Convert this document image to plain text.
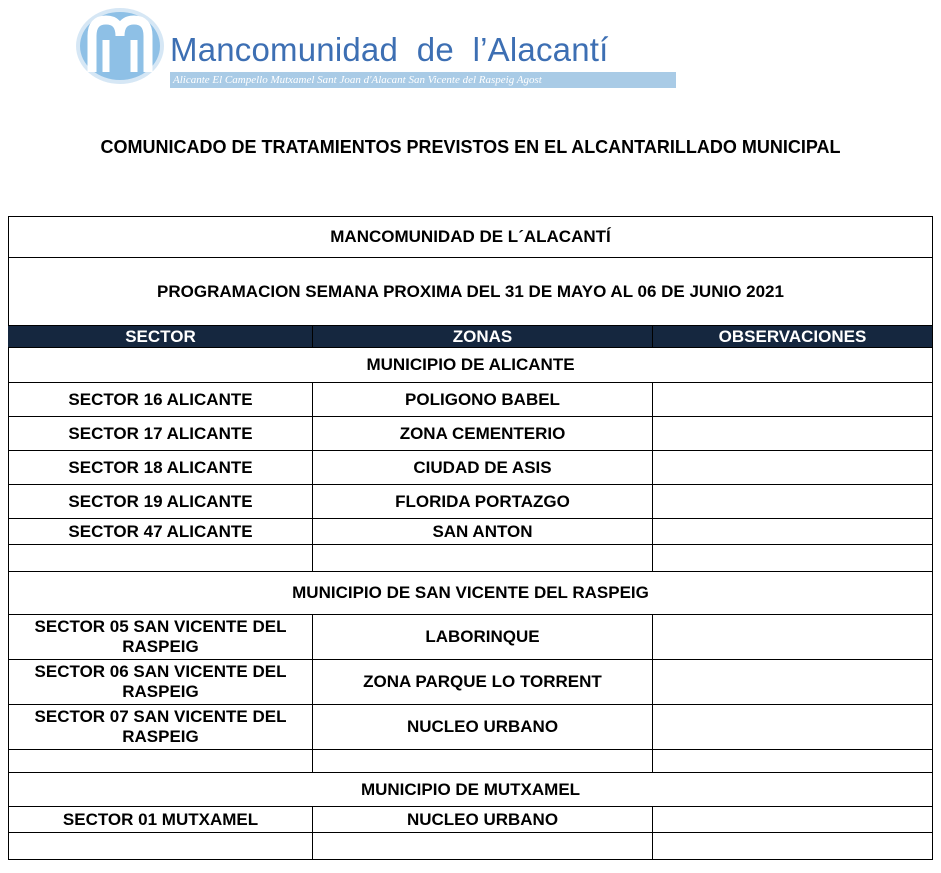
Mancomunidad  de  l’Alacantí
Alicante El Campello Mutxamel Sant Joan d'Alacant San Vicente del Raspeig Agost
COMUNICADO DE TRATAMIENTOS PREVISTOS EN EL ALCANTARILLADO MUNICIPAL
MANCOMUNIDAD DE L´ALACANTÍ		
PROGRAMACION SEMANA PROXIMA DEL 31 DE MAYO AL 06 DE JUNIO 2021		
SECTOR	ZONAS	OBSERVACIONES
MUNICIPIO DE ALICANTE		
SECTOR 16 ALICANTE	POLIGONO BABEL	
SECTOR 17 ALICANTE	ZONA CEMENTERIO	
SECTOR 18 ALICANTE	CIUDAD DE ASIS	
SECTOR 19 ALICANTE	FLORIDA PORTAZGO	
SECTOR 47 ALICANTE	SAN ANTON	

MUNICIPIO DE SAN VICENTE DEL RASPEIG		
SECTOR 05 SAN VICENTE DEL RASPEIG	LABORINQUE	
SECTOR 06 SAN VICENTE DEL RASPEIG	ZONA PARQUE LO TORRENT	
SECTOR 07 SAN VICENTE DEL RASPEIG	NUCLEO URBANO	

MUNICIPIO DE MUTXAMEL		
SECTOR 01 MUTXAMEL	NUCLEO URBANO	
